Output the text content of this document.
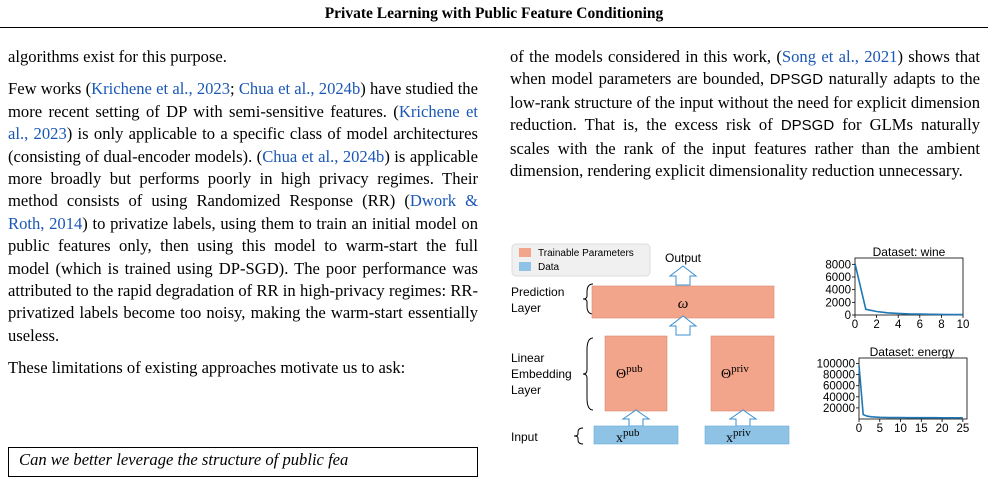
Private Learning with Public Feature Conditioning

algorithms exist for this purpose.

Few works (Krichene et al., 2023; Chua et al., 2024b) have studied the more recent setting of DP with semi-sensitive features. (Krichene et al., 2023) is only applicable to a specific class of model architectures (consisting of dual-encoder models). (Chua et al., 2024b) is applicable more broadly but performs poorly in high privacy regimes. Their method consists of using Randomized Response (RR) (Dwork & Roth, 2014) to privatize labels, using them to train an initial model on public features only, then using this model to warm-start the full model (which is trained using DP-SGD). The poor performance was attributed to the rapid degradation of RR in high-privacy regimes: RR-privatized labels become too noisy, making the warm-start essentially useless.

These limitations of existing approaches motivate us to ask:

Can we better leverage the structure of public fea

of the models considered in this work, (Song et al., 2021) shows that when model parameters are bounded, DPSGD naturally adapts to the low-rank structure of the input without the need for explicit dimension reduction. That is, the excess risk of DPSGD for GLMs naturally scales with the rank of the input features rather than the ambient dimension, rendering explicit dimensionality reduction unnecessary.

Trainable Parameters
Data
Output
Prediction
Layer
Linear
Embedding
Layer
Input
ω
$\Theta^{pub}$	$\Theta^{priv}$
$x^{pub}$	$x^{priv}$
Dataset: wine
0 2 4 6 8 10
0
2000
4000
6000
8000
Dataset: energy
0 5 10 15 20 25
20000
40000
60000
80000
100000
